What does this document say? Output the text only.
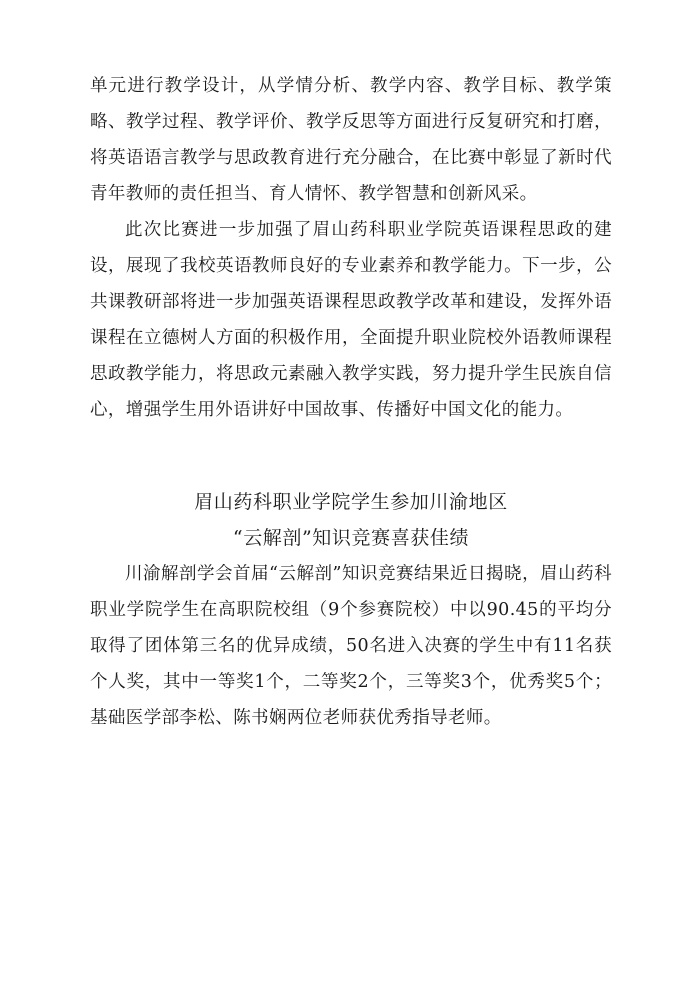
单元进行教学设计，从学情分析、教学内容、教学目标、教学策略、教学过程、教学评价、教学反思等方面进行反复研究和打磨，将英语语言教学与思政教育进行充分融合，在比赛中彰显了新时代青年教师的责任担当、育人情怀、教学智慧和创新风采。

此次比赛进一步加强了眉山药科职业学院英语课程思政的建设，展现了我校英语教师良好的专业素养和教学能力。下一步，公共课教研部将进一步加强英语课程思政教学改革和建设，发挥外语课程在立德树人方面的积极作用，全面提升职业院校外语教师课程思政教学能力，将思政元素融入教学实践，努力提升学生民族自信心，增强学生用外语讲好中国故事、传播好中国文化的能力。

眉山药科职业学院学生参加川渝地区
“云解剖”知识竞赛喜获佳绩

川渝解剖学会首届“云解剖”知识竞赛结果近日揭晓，眉山药科职业学院学生在高职院校组（9个参赛院校）中以90.45的平均分取得了团体第三名的优异成绩，50名进入决赛的学生中有11名获个人奖，其中一等奖1个，二等奖2个，三等奖3个，优秀奖5个；基础医学部李松、陈书娴两位老师获优秀指导老师。
